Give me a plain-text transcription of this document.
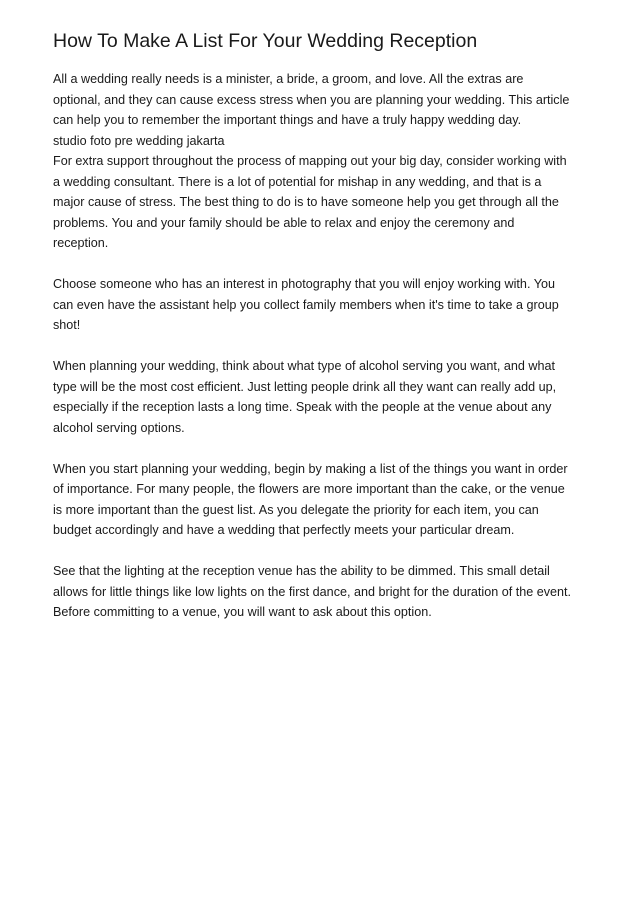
How To Make A List For Your Wedding Reception

All a wedding really needs is a minister, a bride, a groom, and love. All the extras are
optional, and they can cause excess stress when you are planning your wedding. This article
can help you to remember the important things and have a truly happy wedding day.
studio foto pre wedding jakarta
For extra support throughout the process of mapping out your big day, consider working with
a wedding consultant. There is a lot of potential for mishap in any wedding, and that is a
major cause of stress. The best thing to do is to have someone help you get through all the
problems. You and your family should be able to relax and enjoy the ceremony and
reception.

Choose someone who has an interest in photography that you will enjoy working with. You
can even have the assistant help you collect family members when it's time to take a group
shot!

When planning your wedding, think about what type of alcohol serving you want, and what
type will be the most cost efficient. Just letting people drink all they want can really add up,
especially if the reception lasts a long time. Speak with the people at the venue about any
alcohol serving options.

When you start planning your wedding, begin by making a list of the things you want in order
of importance. For many people, the flowers are more important than the cake, or the venue
is more important than the guest list. As you delegate the priority for each item, you can
budget accordingly and have a wedding that perfectly meets your particular dream.

See that the lighting at the reception venue has the ability to be dimmed. This small detail
allows for little things like low lights on the first dance, and bright for the duration of the event.
Before committing to a venue, you will want to ask about this option.
